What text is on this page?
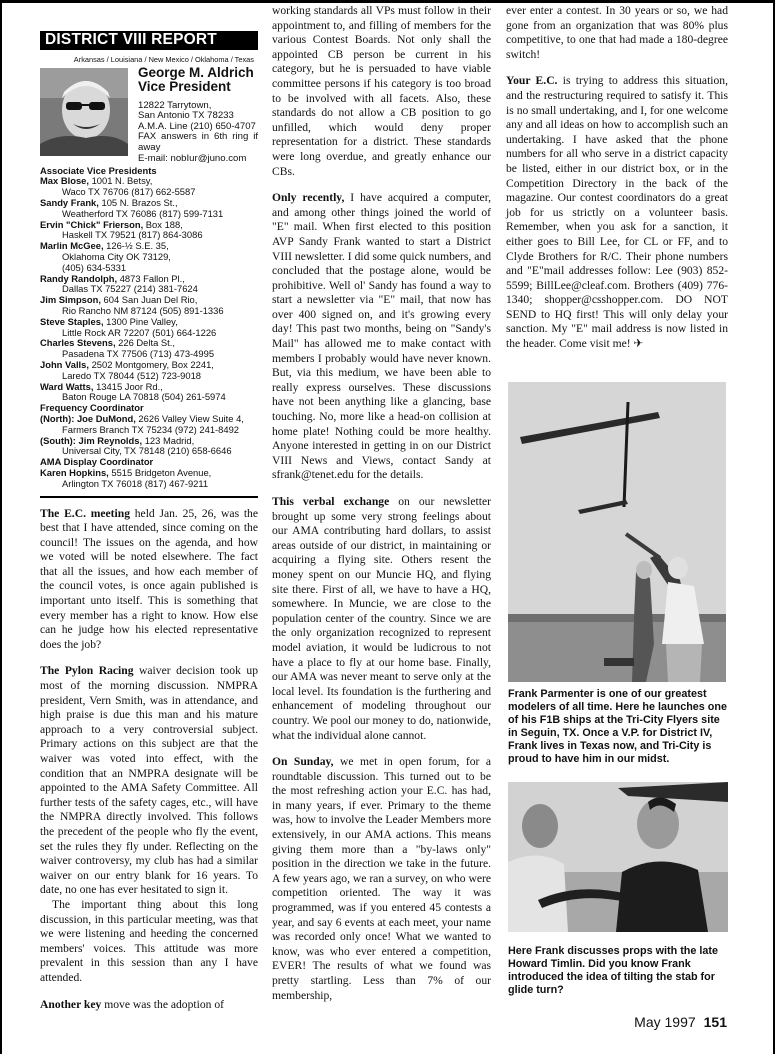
DISTRICT VIII REPORT
Arkansas / Louisiana / New Mexico / Oklahoma / Texas
George M. Aldrich
Vice President
12822 Tarrytown,
San Antonio TX 78233
A.M.A. Line (210) 650-4707
FAX answers in 6th ring if away
E-mail: nobIur@juno.com
Associate Vice Presidents
Max Blose, 1001 N. Betsy,
Waco TX 76706 (817) 662-5587
Sandy Frank, 105 N. Brazos St.,
Weatherford TX 76086 (817) 599-7131
Ervin "Chick" Frierson, Box 188,
Haskell TX 79521 (817) 864-3086
Marlin McGee, 126-½ S.E. 35,
Oklahoma City OK 73129,
(405) 634-5331
Randy Randolph, 4873 Fallon Pl.,
Dallas TX 75227 (214) 381-7624
Jim Simpson, 604 San Juan Del Rio,
Rio Rancho NM 87124 (505) 891-1336
Steve Staples, 1300 Pine Valley,
Little Rock AR 72207 (501) 664-1226
Charles Stevens, 226 Delta St.,
Pasadena TX 77506 (713) 473-4995
John Valls, 2502 Montgomery, Box 2241,
Laredo TX 78044 (512) 723-9018
Ward Watts, 13415 Joor Rd.,
Baton Rouge LA 70818 (504) 261-5974
Frequency Coordinator
(North): Joe DuMond, 2626 Valley View Suite 4,
Farmers Branch TX 75234 (972) 241-8492
(South): Jim Reynolds, 123 Madrid,
Universal City, TX 78148 (210) 658-6646
AMA Display Coordinator
Karen Hopkins, 5515 Bridgeton Avenue,
Arlington TX 76018 (817) 467-9211

The E.C. meeting held Jan. 25, 26, was the best that I have attended, since coming on the council! The issues on the agenda, and how we voted will be noted elsewhere. The fact that all the issues, and how each member of the council votes, is once again published is important unto itself. This is something that every member has a right to know. How else can he judge how his elected representative does the job?

The Pylon Racing waiver decision took up most of the morning discussion. NMPRA president, Vern Smith, was in attendance, and high praise is due this man and his mature approach to a very controversial subject. Primary actions on this subject are that the waiver was voted into effect, with the condition that an NMPRA designate will be appointed to the AMA Safety Committee. All further tests of the safety cages, etc., will have the NMPRA directly involved. This follows the precedent of the people who fly the event, set the rules they fly under. Reflecting on the waiver controversy, my club has had a similar waiver on our entry blank for 16 years. To date, no one has ever hesitated to sign it.

The important thing about this long discussion, in this particular meeting, was that we were listening and heeding the concerned members' voices. This attitude was more prevalent in this session than any I have attended.

Another key move was the adoption of

working standards all VPs must follow in their appointment to, and filling of members for the various Contest Boards. Not only shall the appointed CB person be current in his category, but he is persuaded to have viable committee persons if his category is too broad to be involved with all facets. Also, these standards do not allow a CB position to go unfilled, which would deny proper representation for a district. These standards were long overdue, and greatly enhance our CBs.

Only recently, I have acquired a computer, and among other things joined the world of "E" mail. When first elected to this position AVP Sandy Frank wanted to start a District VIII newsletter. I did some quick numbers, and concluded that the postage alone, would be prohibitive. Well ol' Sandy has found a way to start a newsletter via "E" mail, that now has over 400 signed on, and it's growing every day! This past two months, being on "Sandy's Mail" has allowed me to make contact with members I probably would have never known. But, via this medium, we have been able to really express ourselves. These discussions have not been anything like a glancing, base touching. No, more like a head-on collision at home plate! Nothing could be more healthy. Anyone interested in getting in on our District VIII News and Views, contact Sandy at sfrank@tenet.edu for the details.

This verbal exchange on our newsletter brought up some very strong feelings about our AMA contributing hard dollars, to assist areas outside of our district, in maintaining or acquiring a flying site. Others resent the money spent on our Muncie HQ, and flying site there. First of all, we have to have a HQ, somewhere. In Muncie, we are close to the population center of the country. Since we are the only organization recognized to represent model aviation, it would be ludicrous to not have a place to fly at our home base. Finally, our AMA was never meant to serve only at the local level. Its foundation is the furthering and enhancement of modeling throughout our country. We pool our money to do, nationwide, what the individual alone cannot.

On Sunday, we met in open forum, for a roundtable discussion. This turned out to be the most refreshing action your E.C. has had, in many years, if ever. Primary to the theme was, how to involve the Leader Members more extensively, in our AMA actions. This means giving them more than a "by-laws only" position in the direction we take in the future. A few years ago, we ran a survey, on who were competition oriented. The way it was programmed, was if you entered 45 contests a year, and say 6 events at each meet, your name was recorded only once! What we wanted to know, was who ever entered a competition, EVER! The results of what we found was pretty startling. Less than 7% of our membership,

ever enter a contest. In 30 years or so, we had gone from an organization that was 80% plus competitive, to one that had made a 180-degree switch!

Your E.C. is trying to address this situation, and the restructuring required to satisfy it. This is no small undertaking, and I, for one welcome any and all ideas on how to accomplish such an undertaking. I have asked that the phone numbers for all who serve in a district capacity be listed, either in our district box, or in the Competition Directory in the back of the magazine. Our contest coordinators do a great job for us strictly on a volunteer basis. Remember, when you ask for a sanction, it either goes to Bill Lee, for CL or FF, and to Clyde Brothers for R/C. Their phone numbers and "E"mail addresses follow: Lee (903) 852-5599; BillLee@cleaf.com. Brothers (409) 776-1340; shopper@csshopper.com. DO NOT SEND to HQ first! This will only delay your sanction. My "E" mail address is now listed in the header. Come visit me! ✈

Frank Parmenter is one of our greatest modelers of all time. Here he launches one of his F1B ships at the Tri-City Flyers site in Seguin, TX. Once a V.P. for District IV, Frank lives in Texas now, and Tri-City is proud to have him in our midst.
Here Frank discusses props with the late Howard Timlin. Did you know Frank introduced the idea of tilting the stab for glide turn?
May 1997 151
